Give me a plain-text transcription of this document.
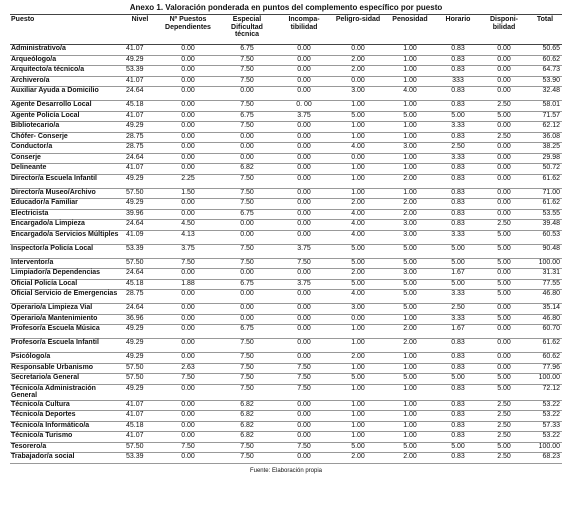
Anexo 1. Valoración ponderada en puntos del complemento específico por puesto
Puesto	Nivel	Nº Puestos Dependientes	Especial Dificultad técnica	Incompa-tibilidad	Peligro-sidad	Penosidad	Horario	Disponi-bilidad	Total
Administrativo/a	41.07	0.00	6.75	0.00	0.00	1.00	0.83	0.00	50.65
Arqueólogo/a	49.29	0.00	7.50	0.00	2.00	1.00	0.83	0.00	60.62
Arquitecto/a técnico/a	53.39	0.00	7.50	0.00	2.00	1.00	0.83	0.00	64.73
Archivero/a	41.07	0.00	7.50	0.00	0.00	1.00	333	0.00	53.90
Auxiliar Ayuda a Domicilio	24.64	0.00	0.00	0.00	3.00	4.00	0.83	0.00	32.48
Agente Desarrollo Local	45.18	0.00	7.50	0. 00	1.00	1.00	0.83	2.50	58.01
Agente Policía Local	41.07	0.00	6.75	3.75	5.00	5.00	5.00	5.00	71.57
Bibliotecario/a	49.29	0.00	7.50	0.00	1.00	1.00	3.33	0.00	62.12
Chófer- Conserje	28.75	0.00	0.00	0.00	1.00	1.00	0.83	2.50	36.08
Conductor/a	28.75	0.00	0.00	0.00	4.00	3.00	2.50	0.00	38.25
Conserje	24.64	0.00	0.00	0.00	0.00	1.00	3.33	0.00	29.98
Delineante	41.07	0.00	6.82	0.00	1.00	1.00	0.83	0.00	50.72
Director/a Escuela Infantil	49.29	2.25	7.50	0.00	1.00	2.00	0.83	0.00	61.62
Director/a Museo/Archivo	57.50	1.50	7.50	0.00	1.00	1.00	0.83	0.00	71.00
Educador/a Familiar	49.29	0.00	7.50	0.00	2.00	2.00	0.83	0.00	61.62
Electricista	39.96	0.00	6.75	0.00	4.00	2.00	0.83	0.00	53.55
Encargado/a Limpieza	24.64	4.50	0.00	0.00	4.00	3.00	0.83	2.50	39.48
Encargado/a Servicios Múltiples	41.09	4.13	0.00	0.00	4.00	3.00	3.33	5.00	60.53
Inspector/a Policía Local	53.39	3.75	7.50	3.75	5.00	5.00	5.00	5.00	90.48
Interventor/a	57.50	7.50	7.50	7.50	5.00	5.00	5.00	5.00	100.00
Limpiador/a Dependencias	24.64	0.00	0.00	0.00	2.00	3.00	1.67	0.00	31.31
Oficial Policía Local	45.18	1.88	6.75	3.75	5.00	5.00	5.00	5.00	77.55
Oficial Servicio de Emergencias	28.75	0.00	0.00	0.00	4.00	5.00	3.33	5.00	46.80
Operario/a Limpieza Vial	24.64	0.00	0.00	0.00	3.00	5.00	2.50	0.00	35.14
Operario/a Mantenimiento	36.96	0.00	0.00	0.00	0.00	1.00	3.33	5.00	46.80
Profesor/a Escuela Música	49.29	0.00	6.75	0.00	1.00	2.00	1.67	0.00	60.70
Profesor/a Escuela Infantil	49.29	0.00	7.50	0.00	1.00	2.00	0.83	0.00	61.62
Psicólogo/a	49.29	0.00	7.50	0.00	2.00	1.00	0.83	0.00	60.62
Responsable Urbanismo	57.50	2.63	7.50	7.50	1.00	1.00	0.83	0.00	77.96
Secretario/a General	57.50	7.50	7.50	7.50	5.00	5.00	5.00	5.00	100.00
Técnico/a Administración General	49.29	0.00	7.50	7.50	1.00	1.00	0.83	5.00	72.12
Técnico/a Cultura	41.07	0.00	6.82	0.00	1.00	1.00	0.83	2.50	53.22
Técnico/a Deportes	41.07	0.00	6.82	0.00	1.00	1.00	0.83	2.50	53.22
Técnico/a Informático/a	45.18	0.00	6.82	0.00	1.00	1.00	0.83	2.50	57.33
Técnico/a Turismo	41.07	0.00	6.82	0.00	1.00	1.00	0.83	2.50	53.22
Tesorero/a	57.50	7.50	7.50	7.50	5.00	5.00	5.00	5.00	100.00
Trabajador/a social	53.39	0.00	7.50	0.00	2.00	2.00	0.83	2.50	68.23
Fuente: Elaboración propia
